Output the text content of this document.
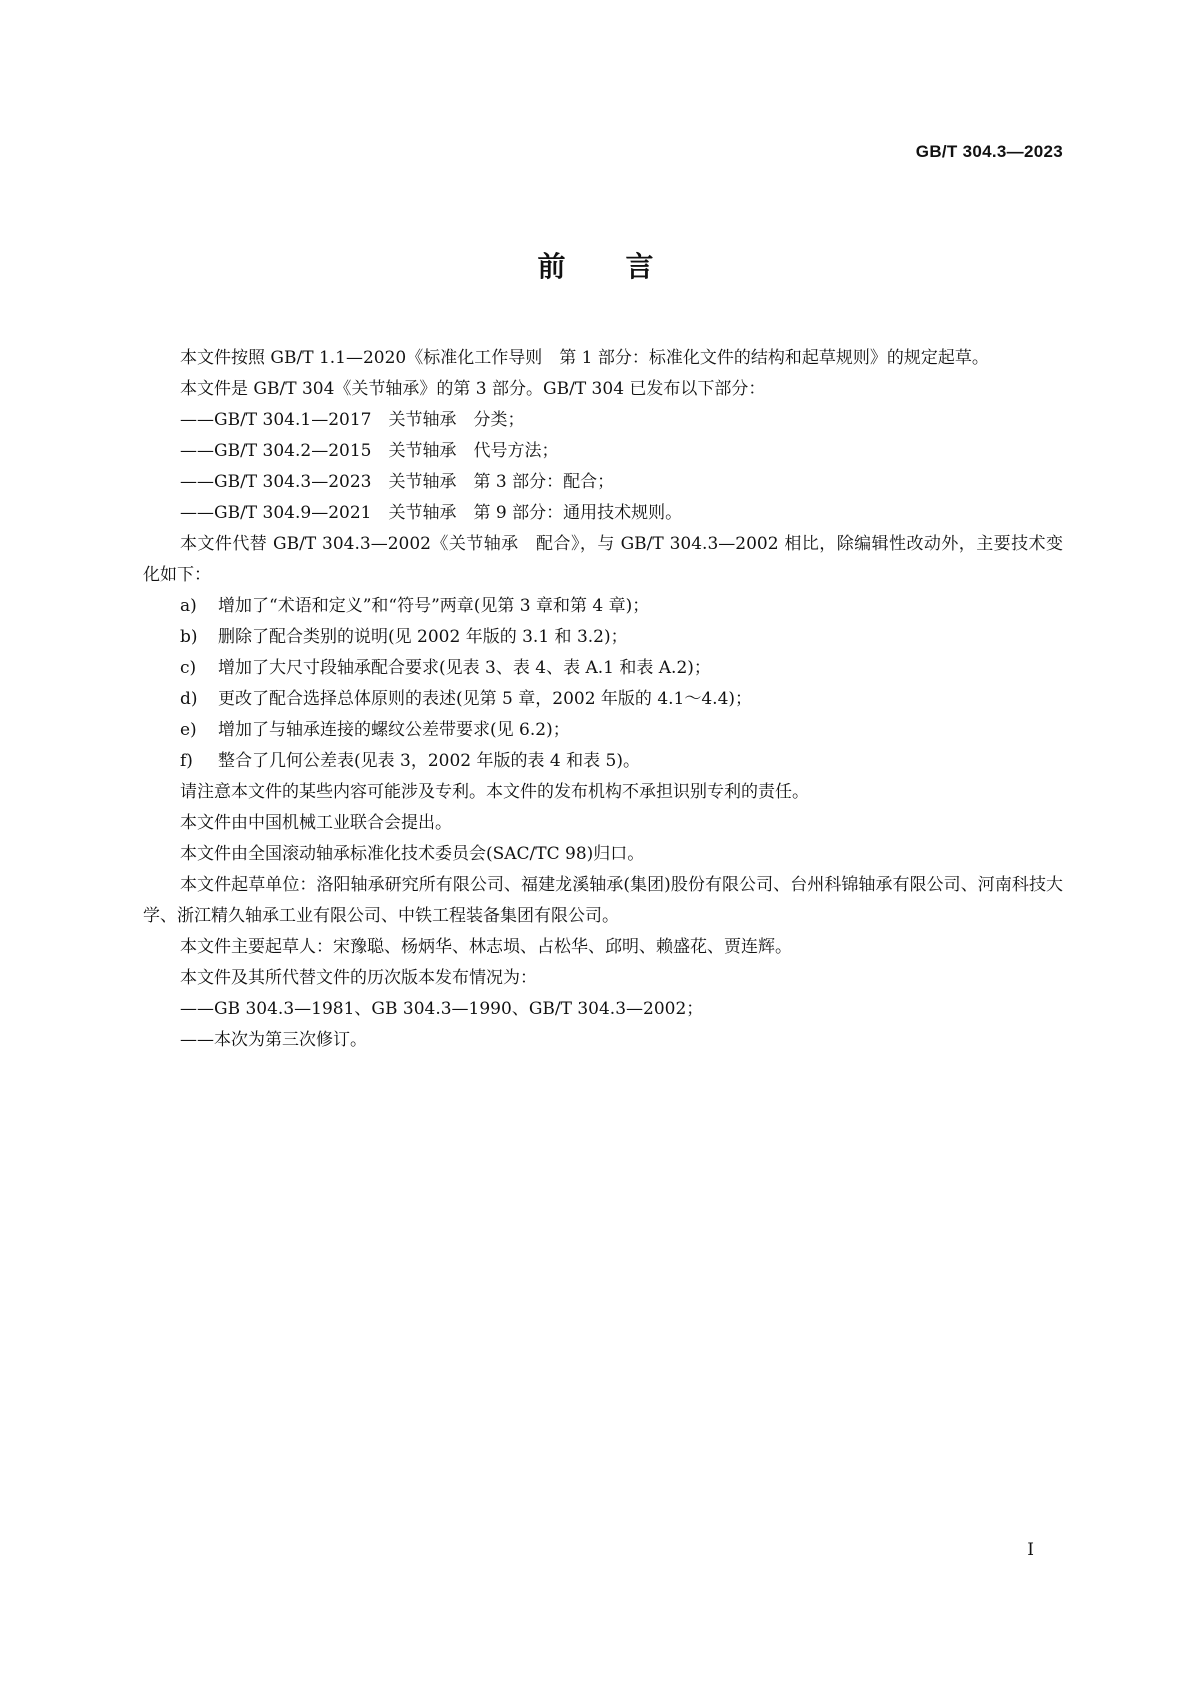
GB/T 304.3—2023
前言

本文件按照 GB/T 1.1—2020《标准化工作导则　第 1 部分：标准化文件的结构和起草规则》的规定起草。

本文件是 GB/T 304《关节轴承》的第 3 部分。GB/T 304 已发布以下部分：

——GB/T 304.1—2017　关节轴承　分类；

——GB/T 304.2—2015　关节轴承　代号方法；

——GB/T 304.3—2023　关节轴承　第 3 部分：配合；

——GB/T 304.9—2021　关节轴承　第 9 部分：通用技术规则。

本文件代替 GB/T 304.3—2002《关节轴承　配合》，与 GB/T 304.3—2002 相比，除编辑性改动外，主要技术变化如下：

a) 增加了“术语和定义”和“符号”两章(见第 3 章和第 4 章)；

b) 删除了配合类别的说明(见 2002 年版的 3.1 和 3.2)；

c) 增加了大尺寸段轴承配合要求(见表 3、表 4、表 A.1 和表 A.2)；

d) 更改了配合选择总体原则的表述(见第 5 章，2002 年版的 4.1～4.4)；

e) 增加了与轴承连接的螺纹公差带要求(见 6.2)；

f) 整合了几何公差表(见表 3，2002 年版的表 4 和表 5)。

请注意本文件的某些内容可能涉及专利。本文件的发布机构不承担识别专利的责任。

本文件由中国机械工业联合会提出。

本文件由全国滚动轴承标准化技术委员会(SAC/TC 98)归口。

本文件起草单位：洛阳轴承研究所有限公司、福建龙溪轴承(集团)股份有限公司、台州科锦轴承有限公司、河南科技大学、浙江精久轴承工业有限公司、中铁工程装备集团有限公司。

本文件主要起草人：宋豫聪、杨炳华、林志埙、占松华、邱明、赖盛花、贾连辉。

本文件及其所代替文件的历次版本发布情况为：

——GB 304.3—1981、GB 304.3—1990、GB/T 304.3—2002；

——本次为第三次修订。

I
